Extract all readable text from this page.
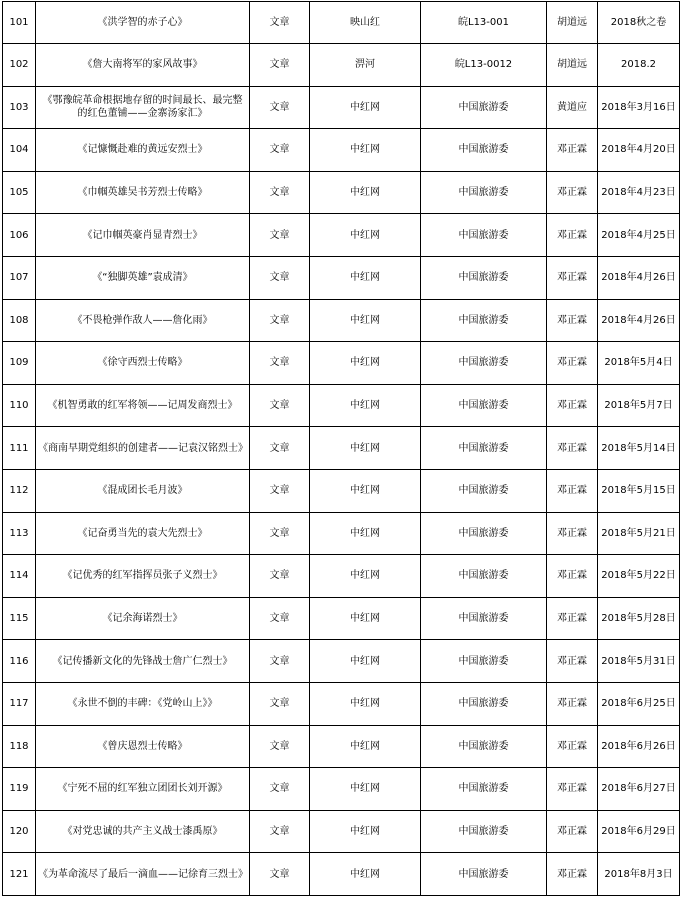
101	《洪学智的赤子心》	文章	映山红	皖L13-001	胡道远	2018秋之卷
102	《詹大南将军的家风故事》	文章	淠河	皖L13-0012	胡道远	2018.2
103	《鄂豫皖革命根据地存留的时间最长、最完整的红色董铺——金寨汤家汇》	文章	中红网	中国旅游委	黄道应	2018年3月16日
104	《记慷慨赴难的黄远安烈士》	文章	中红网	中国旅游委	邓正霖	2018年4月20日
105	《巾帼英雄吴书芳烈士传略》	文章	中红网	中国旅游委	邓正霖	2018年4月23日
106	《记巾帼英豪肖显青烈士》	文章	中红网	中国旅游委	邓正霖	2018年4月25日
107	《“独脚英雄”袁成清》	文章	中红网	中国旅游委	邓正霖	2018年4月26日
108	《不畏枪弹作敌人——詹化雨》	文章	中红网	中国旅游委	邓正霖	2018年4月26日
109	《徐守西烈士传略》	文章	中红网	中国旅游委	邓正霖	2018年5月4日
110	《机智勇敢的红军将领——记周发商烈士》	文章	中红网	中国旅游委	邓正霖	2018年5月7日
111	《商南早期党组织的创建者——记袁汉铭烈士》	文章	中红网	中国旅游委	邓正霖	2018年5月14日
112	《混成团长毛月波》	文章	中红网	中国旅游委	邓正霖	2018年5月15日
113	《记奋勇当先的袁大先烈士》	文章	中红网	中国旅游委	邓正霖	2018年5月21日
114	《记优秀的红军指挥员张子义烈士》	文章	中红网	中国旅游委	邓正霖	2018年5月22日
115	《记余海诺烈士》	文章	中红网	中国旅游委	邓正霖	2018年5月28日
116	《记传播新文化的先锋战士詹广仁烈士》	文章	中红网	中国旅游委	邓正霖	2018年5月31日
117	《永世不倒的丰碑：《党岭山上》》	文章	中红网	中国旅游委	邓正霖	2018年6月25日
118	《曾庆恩烈士传略》	文章	中红网	中国旅游委	邓正霖	2018年6月26日
119	《宁死不屈的红军独立团团长刘开源》	文章	中红网	中国旅游委	邓正霖	2018年6月27日
120	《对党忠诚的共产主义战士漆禹原》	文章	中红网	中国旅游委	邓正霖	2018年6月29日
121	《为革命流尽了最后一滴血——记徐育三烈士》	文章	中红网	中国旅游委	邓正霖	2018年8月3日
